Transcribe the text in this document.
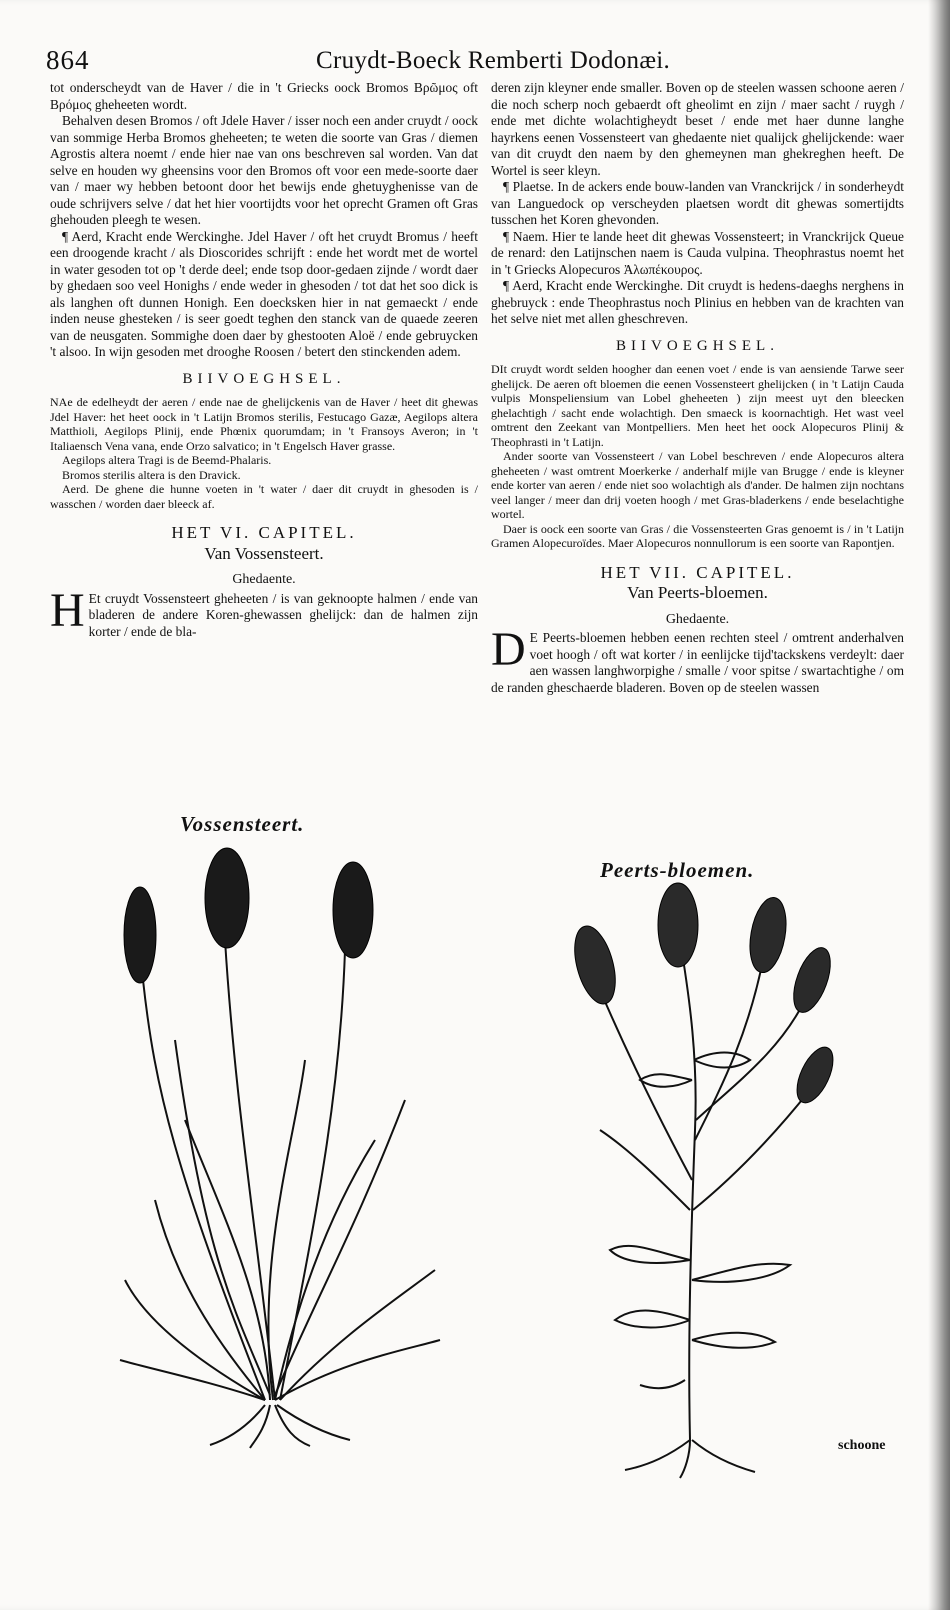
864	Cruydt-Boeck Remberti Dodonæi.

tot onderscheydt van de Haver / die in 't Griecks oock Bromos Βρῶμος oft Βρόμος gheheeten wordt.

Behalven desen Bromos / oft Jdele Haver / isser noch een ander cruydt / oock van sommige Herba Bromos gheheeten; te weten die soorte van Gras / diemen Agrostis altera noemt / ende hier nae van ons beschreven sal worden. Van dat selve en houden wy gheensins voor den Bromos oft voor een mede-soorte daer van / maer wy hebben betoont door het bewijs ende ghetuyghenisse van de oude schrijvers selve / dat het hier voortijdts voor het oprecht Gramen oft Gras ghehouden pleegh te wesen.

¶ Aerd, Kracht ende Werckinghe. Jdel Haver / oft het cruydt Bromus / heeft een droogende kracht / als Dioscorides schrijft : ende het wordt met de wortel in water gesoden tot op 't derde deel; ende tsop door-gedaen zijnde / wordt daer by ghedaen soo veel Honighs / ende weder in ghesoden / tot dat het soo dick is als langhen oft dunnen Honigh. Een doecksken hier in nat gemaeckt / ende inden neuse ghesteken / is seer goedt teghen den stanck van de quaede zeeren van de neusgaten. Sommighe doen daer by ghestooten Aloë / ende gebruycken 't alsoo. In wijn gesoden met drooghe Roosen / betert den stinckenden adem.

BIIVOEGHSEL.

NAe de edelheydt der aeren / ende nae de ghelijckenis van de Haver / heet dit ghewas Jdel Haver: het heet oock in 't Latijn Bromos sterilis, Festucago Gazæ, Aegilops altera Matthioli, Aegilops Plinij, ende Phœnix quorumdam; in 't Fransoys Averon; in 't Italiaensch Vena vana, ende Orzo salvatico; in 't Engelsch Haver grasse.

Aegilops altera Tragi is de Beemd-Phalaris.

Bromos sterilis altera is den Dravick.

Aerd. De ghene die hunne voeten in 't water / daer dit cruydt in ghesoden is / wasschen / worden daer bleeck af.

HET VI. CAPITEL.
Van Vossensteert.
Ghedaente.

H Et cruydt Vossensteert gheheeten / is van geknoopte halmen / ende van bladeren de andere Koren-ghewassen ghelijck: dan de halmen zijn korter / ende de bla-

Vossensteert.

deren zijn kleyner ende smaller. Boven op de steelen wassen schoone aeren / die noch scherp noch gebaerdt oft gheolimt en zijn / maer sacht / ruygh / ende met dichte wolachtigheydt beset / ende met haer dunne langhe hayrkens eenen Vossensteert van ghedaente niet qualijck ghelijckende: waer van dit cruydt den naem by den ghemeynen man ghekreghen heeft. De Wortel is seer kleyn.

¶ Plaetse. In de ackers ende bouw-landen van Vranckrijck / in sonderheydt van Languedock op verscheyden plaetsen wordt dit ghewas somertijdts tusschen het Koren ghevonden.

¶ Naem. Hier te lande heet dit ghewas Vossensteert; in Vranckrijck Queue de renard: den Latijnschen naem is Cauda vulpina. Theophrastus noemt het in 't Griecks Alopecuros Ἀλωπέκουρος.

¶ Aerd, Kracht ende Werckinghe. Dit cruydt is hedens-daeghs nerghens in ghebruyck : ende Theophrastus noch Plinius en hebben van de krachten van het selve niet met allen gheschreven.

BIIVOEGHSEL.

DIt cruydt wordt selden hoogher dan eenen voet / ende is van aensiende Tarwe seer ghelijck. De aeren oft bloemen die eenen Vossensteert ghelijcken ( in 't Latijn Cauda vulpis Monspeliensium van Lobel gheheeten ) zijn meest uyt den bleecken ghelachtigh / sacht ende wolachtigh. Den smaeck is koornachtigh. Het wast veel omtrent den Zeekant van Montpelliers. Men heet het oock Alopecuros Plinij & Theophrasti in 't Latijn.

Ander soorte van Vossensteert / van Lobel beschreven / ende Alopecuros altera gheheeten / wast omtrent Moerkerke / anderhalf mijle van Brugge / ende is kleyner ende korter van aeren / ende niet soo wolachtigh als d'ander. De halmen zijn nochtans veel langer / meer dan drij voeten hoogh / met Gras-bladerkens / ende beselachtighe wortel.

Daer is oock een soorte van Gras / die Vossensteerten Gras genoemt is / in 't Latijn Gramen Alopecuroïdes. Maer Alopecuros nonnullorum is een soorte van Rapontjen.

HET VII. CAPITEL.
Van Peerts-bloemen.
Ghedaente.

D E Peerts-bloemen hebben eenen rechten steel / omtrent anderhalven voet hoogh / oft wat korter / in eenlijcke tijd'tackskens verdeylt: daer aen wassen langhworpighe / smalle / voor spitse / swartachtighe / om de randen gheschaerde bladeren. Boven op de steelen wassen

Peerts-bloemen.
schoone
